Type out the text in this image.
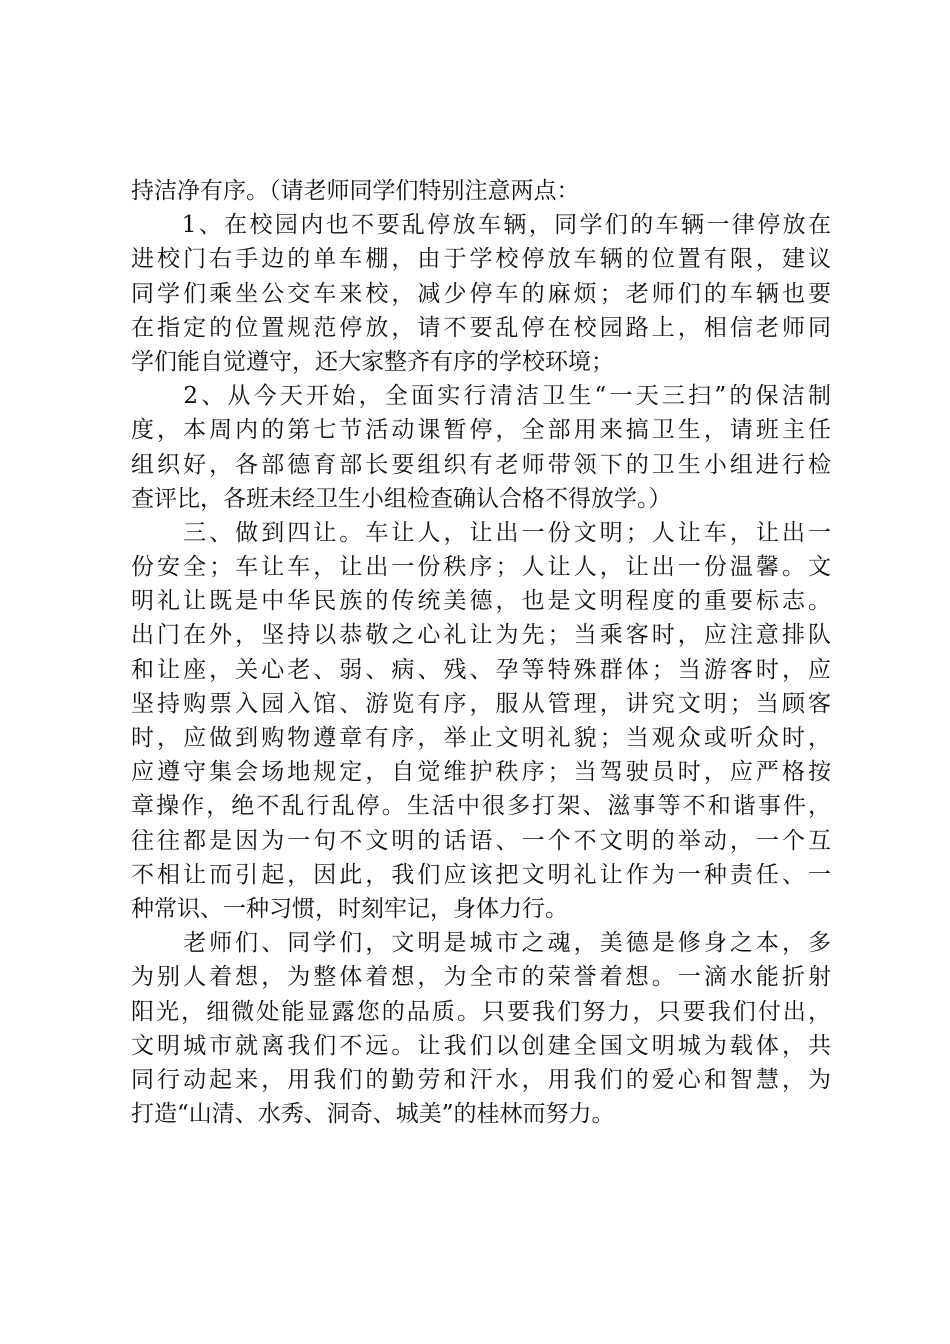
持洁净有序。（请老师同学们特别注意两点：
　　1、在校园内也不要乱停放车辆，同学们的车辆一律停放在
进校门右手边的单车棚，由于学校停放车辆的位置有限，建议
同学们乘坐公交车来校，减少停车的麻烦；老师们的车辆也要
在指定的位置规范停放，请不要乱停在校园路上，相信老师同
学们能自觉遵守，还大家整齐有序的学校环境；
　　2、从今天开始，全面实行清洁卫生“一天三扫”的保洁制
度，本周内的第七节活动课暂停，全部用来搞卫生，请班主任
组织好，各部德育部长要组织有老师带领下的卫生小组进行检
查评比，各班未经卫生小组检查确认合格不得放学。）
　　三、做到四让。车让人，让出一份文明；人让车，让出一
份安全；车让车，让出一份秩序；人让人，让出一份温馨。文
明礼让既是中华民族的传统美德，也是文明程度的重要标志。
出门在外，坚持以恭敬之心礼让为先；当乘客时，应注意排队
和让座，关心老、弱、病、残、孕等特殊群体；当游客时，应
坚持购票入园入馆、游览有序，服从管理，讲究文明；当顾客
时，应做到购物遵章有序，举止文明礼貌；当观众或听众时，
应遵守集会场地规定，自觉维护秩序；当驾驶员时，应严格按
章操作，绝不乱行乱停。生活中很多打架、滋事等不和谐事件，
往往都是因为一句不文明的话语、一个不文明的举动，一个互
不相让而引起，因此，我们应该把文明礼让作为一种责任、一
种常识、一种习惯，时刻牢记，身体力行。
　　老师们、同学们，文明是城市之魂，美德是修身之本，多
为别人着想，为整体着想，为全市的荣誉着想。一滴水能折射
阳光，细微处能显露您的品质。只要我们努力，只要我们付出，
文明城市就离我们不远。让我们以创建全国文明城为载体，共
同行动起来，用我们的勤劳和汗水，用我们的爱心和智慧，为
打造“山清、水秀、洞奇、城美”的桂林而努力。
